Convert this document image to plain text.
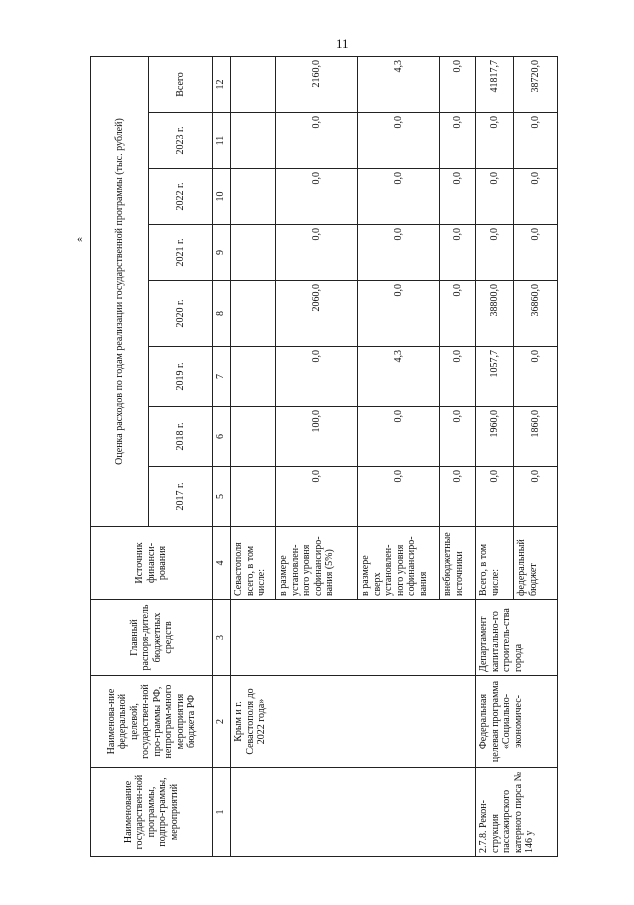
11
«
Наименование государствен-ной программы, подпро-граммы, мероприятий	Наименова-ние федеральной целевой, государствен-ной про-граммы РФ, непрограм-много мероприятия бюджета РФ	Главный распоря-дитель бюджетных средств	Источник финанси-рования	Оценка расходов по годам реализации государственной программы (тыс. рублей)							
				2017 г.	2018 г.	2019 г.	2020 г.	2021 г.	2022 г.	2023 г.	Всего
1	2	3	4	5	6	7	8	9	10	11	12
	Крым и г. Севастополя до 2022 года»		Севастополя всего, в том числе:								
			в размере установлен-ного уровня софинансиро-вания (5%)	0,0	100,0	0,0	2060,0	0,0	0,0	0,0	2160,0
			в размере сверх установлен-ного уровня софинансиро-вания	0,0	0,0	4,3	0,0	0,0	0,0	0,0	4,3
			внебюджетные источники	0,0	0,0	0,0	0,0	0,0	0,0	0,0	0,0
2.7.8. Рекон-струкция пассажирского катерного пирса № 146 у	Федеральная целевая программа «Социально-экономичес-	Департамент капитально-го строитель-ства города	Всего, в том числе:	0,0	1960,0	1057,7	38800,0	0,0	0,0	0,0	41817,7
			федеральный бюджет	0,0	1860,0	0,0	36860,0	0,0	0,0	0,0	38720,0
